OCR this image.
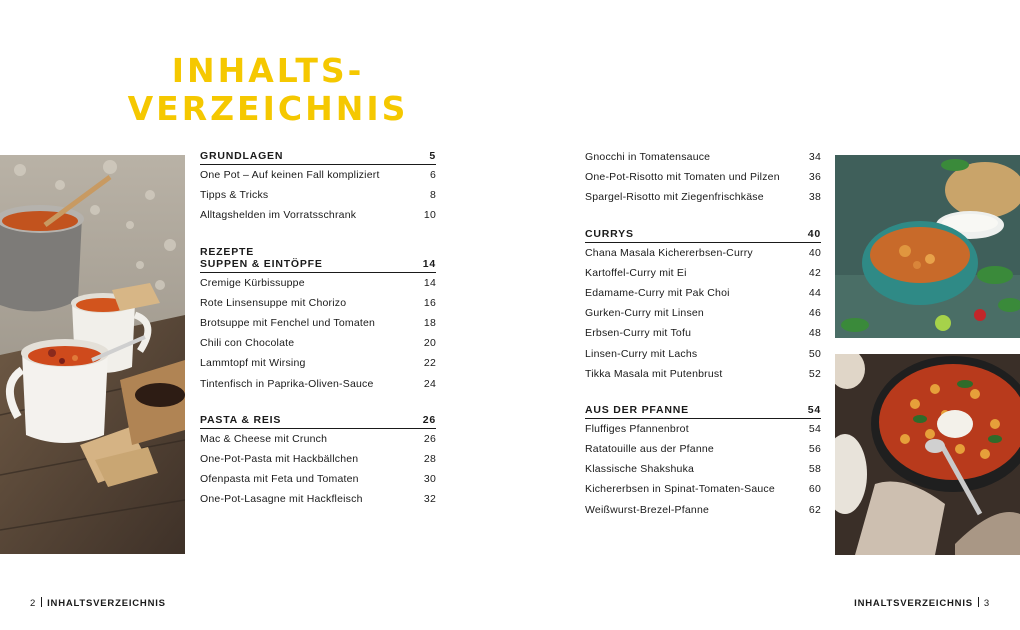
INHALTS-
VERZEICHNIS
GRUNDLAGEN	5
One Pot – Auf keinen Fall kompliziert	6
Tipps & Tricks	8
Alltagshelden im Vorratsschrank	10
REZEPTE
SUPPEN & EINTÖPFE	14
Cremige Kürbissuppe	14
Rote Linsensuppe mit Chorizo	16
Brotsuppe mit Fenchel und Tomaten	18
Chili con Chocolate	20
Lammtopf mit Wirsing	22
Tintenfisch in Paprika-Oliven-Sauce	24
PASTA & REIS	26
Mac & Cheese mit Crunch	26
One-Pot-Pasta mit Hackbällchen	28
Ofenpasta mit Feta und Tomaten	30
One-Pot-Lasagne mit Hackfleisch	32
Gnocchi in Tomatensauce	34
One-Pot-Risotto mit Tomaten und Pilzen	36
Spargel-Risotto mit Ziegenfrischkäse	38
CURRYS	40
Chana Masala Kichererbsen-Curry	40
Kartoffel-Curry mit Ei	42
Edamame-Curry mit Pak Choi	44
Gurken-Curry mit Linsen	46
Erbsen-Curry mit Tofu	48
Linsen-Curry mit Lachs	50
Tikka Masala mit Putenbrust	52
AUS DER PFANNE	54
Fluffiges Pfannenbrot	54
Ratatouille aus der Pfanne	56
Klassische Shakshuka	58
Kichererbsen in Spinat-Tomaten-Sauce	60
Weißwurst-Brezel-Pfanne	62
2 INHALTSVERZEICHNIS	INHALTSVERZEICHNIS 3
